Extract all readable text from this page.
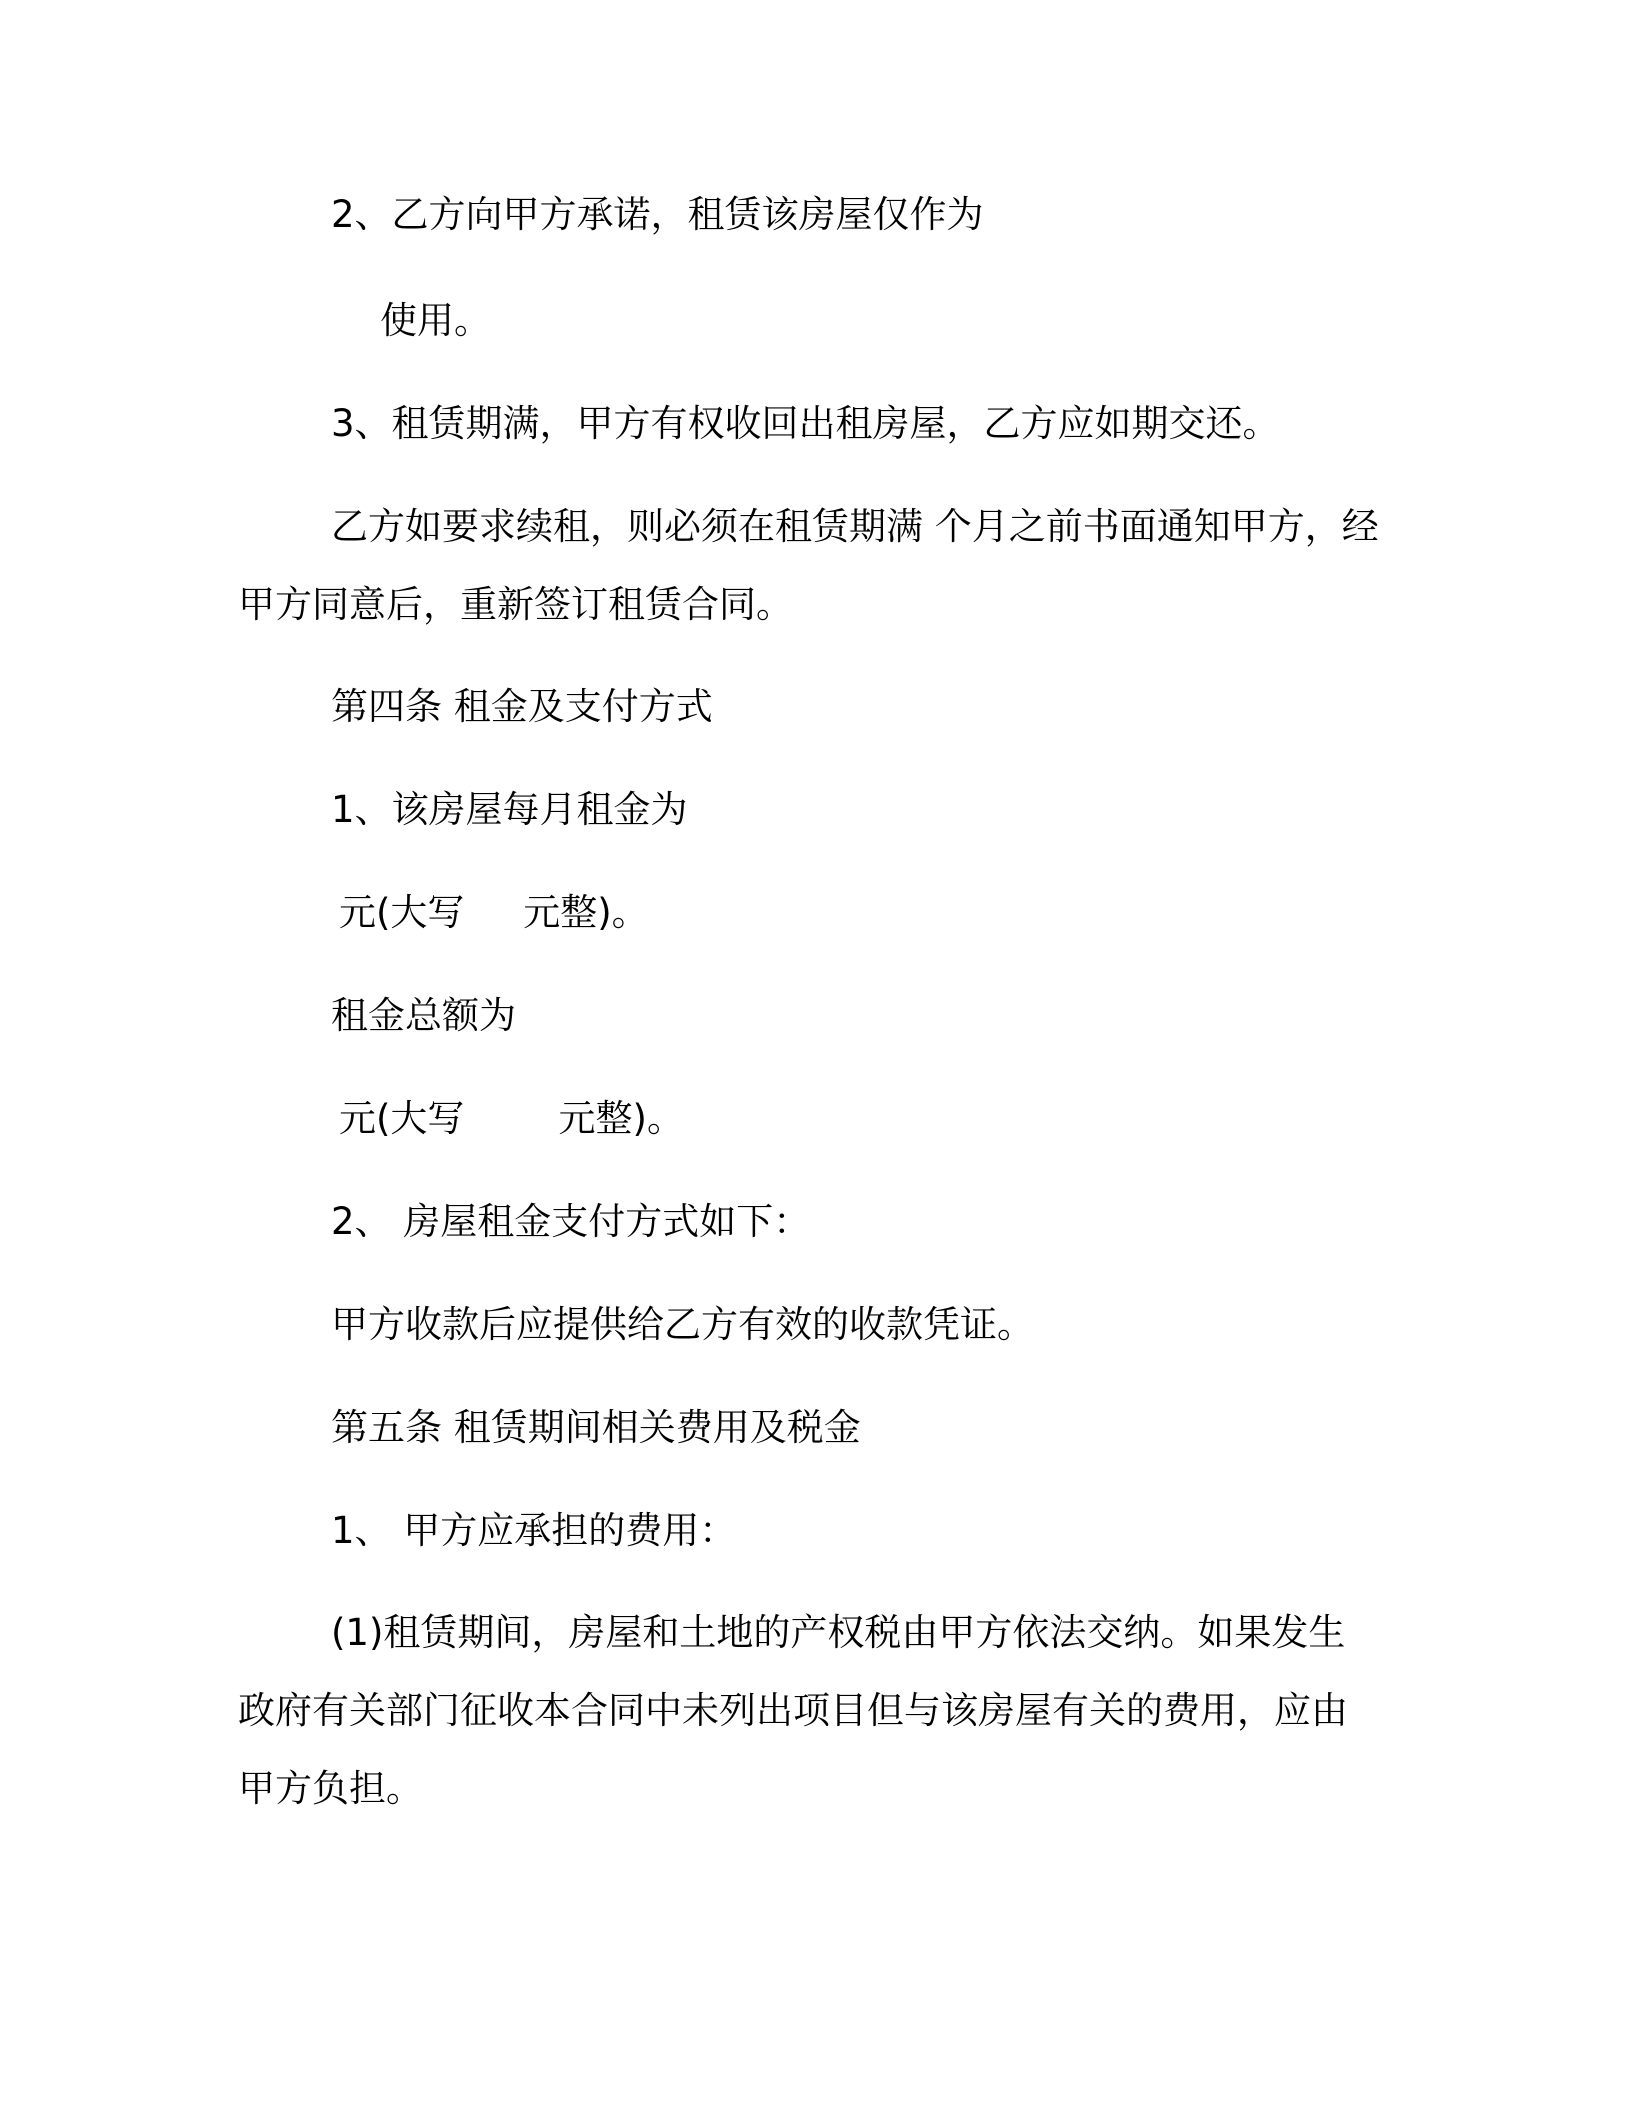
2、乙方向甲方承诺，租赁该房屋仅作为
使用。
3、租赁期满，甲方有权收回出租房屋，乙方应如期交还。
乙方如要求续租，则必须在租赁期满 个月之前书面通知甲方，经
甲方同意后，重新签订租赁合同。
第四条 租金及支付方式
1、该房屋每月租金为
元(大写     元整)。
租金总额为
元(大写        元整)。
2、 房屋租金支付方式如下：
甲方收款后应提供给乙方有效的收款凭证。
第五条 租赁期间相关费用及税金
1、 甲方应承担的费用：
(1)租赁期间，房屋和土地的产权税由甲方依法交纳。如果发生
政府有关部门征收本合同中未列出项目但与该房屋有关的费用，应由
甲方负担。
